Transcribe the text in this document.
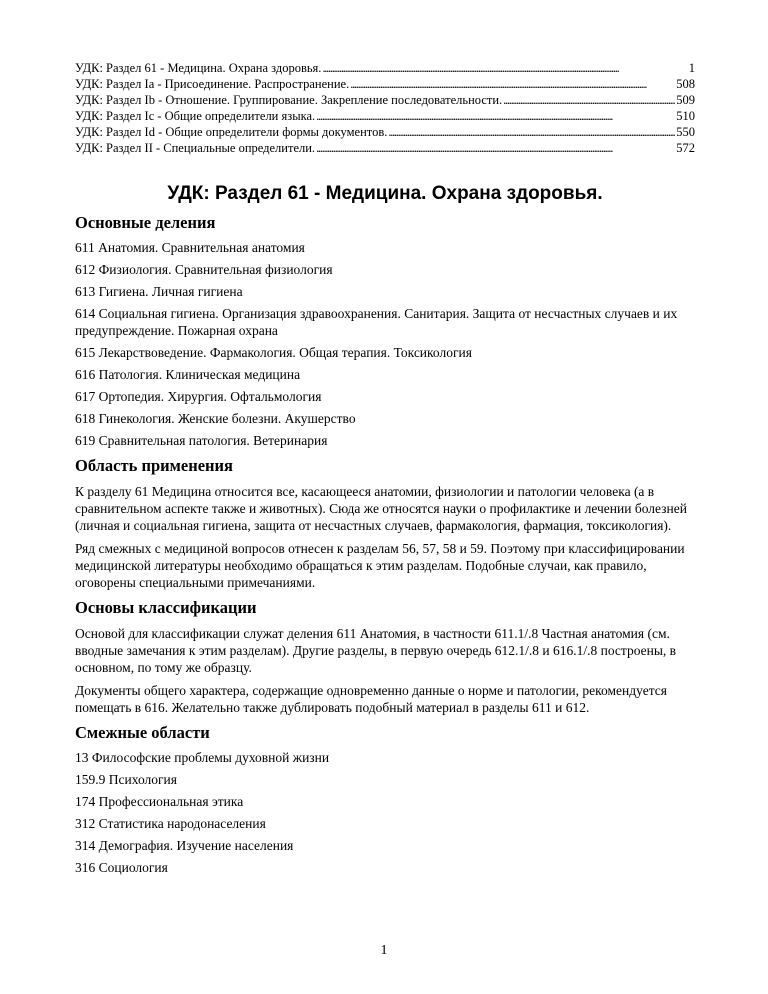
УДК: Раздел 61 - Медицина. Охрана здоровья. . . .	1
УДК: Раздел Ia - Присоединение. Распространение. . . .	508
УДК: Раздел Ib - Отношение. Группирование. Закрепление последовательности. . . .	509
УДК: Раздел Ic - Общие определители языка. . . .	510
УДК: Раздел Id - Общие определители формы документов. . . .	550
УДК: Раздел II - Специальные определители. . . .	572
УДК: Раздел 61 - Медицина. Охрана здоровья.
Основные деления
611 Анатомия. Сравнительная анатомия
612 Физиология. Сравнительная физиология
613 Гигиена. Личная гигиена
614 Социальная гигиена. Организация здравоохранения. Санитария. Защита от несчастных случаев и их предупреждение. Пожарная охрана
615 Лекарствоведение. Фармакология. Общая терапия. Токсикология
616 Патология. Клиническая медицина
617 Ортопедия. Хирургия. Офтальмология
618 Гинекология. Женские болезни. Акушерство
619 Сравнительная патология. Ветеринария
Область применения
К разделу 61 Медицина относится все, касающееся анатомии, физиологии и патологии человека (а в сравнительном аспекте также и животных). Сюда же относятся науки о профилактике и лечении болезней (личная и социальная гигиена, защита от несчастных случаев, фармакология, фармация, токсикология).
Ряд смежных с медициной вопросов отнесен к разделам 56, 57, 58 и 59. Поэтому при классифицировании медицинской литературы необходимо обращаться к этим разделам. Подобные случаи, как правило, оговорены специальными примечаниями.
Основы классификации
Основой для классификации служат деления 611 Анатомия, в частности 611.1/.8 Частная анатомия (см. вводные замечания к этим разделам). Другие разделы, в первую очередь 612.1/.8 и 616.1/.8 построены, в основном, по тому же образцу.
Документы общего характера, содержащие одновременно данные о норме и патологии, рекомендуется помещать в 616. Желательно также дублировать подобный материал в разделы 611 и 612.
Смежные области
13 Философские проблемы духовной жизни
159.9 Психология
174 Профессиональная этика
312 Статистика народонаселения
314 Демография. Изучение населения
316 Социология
1
